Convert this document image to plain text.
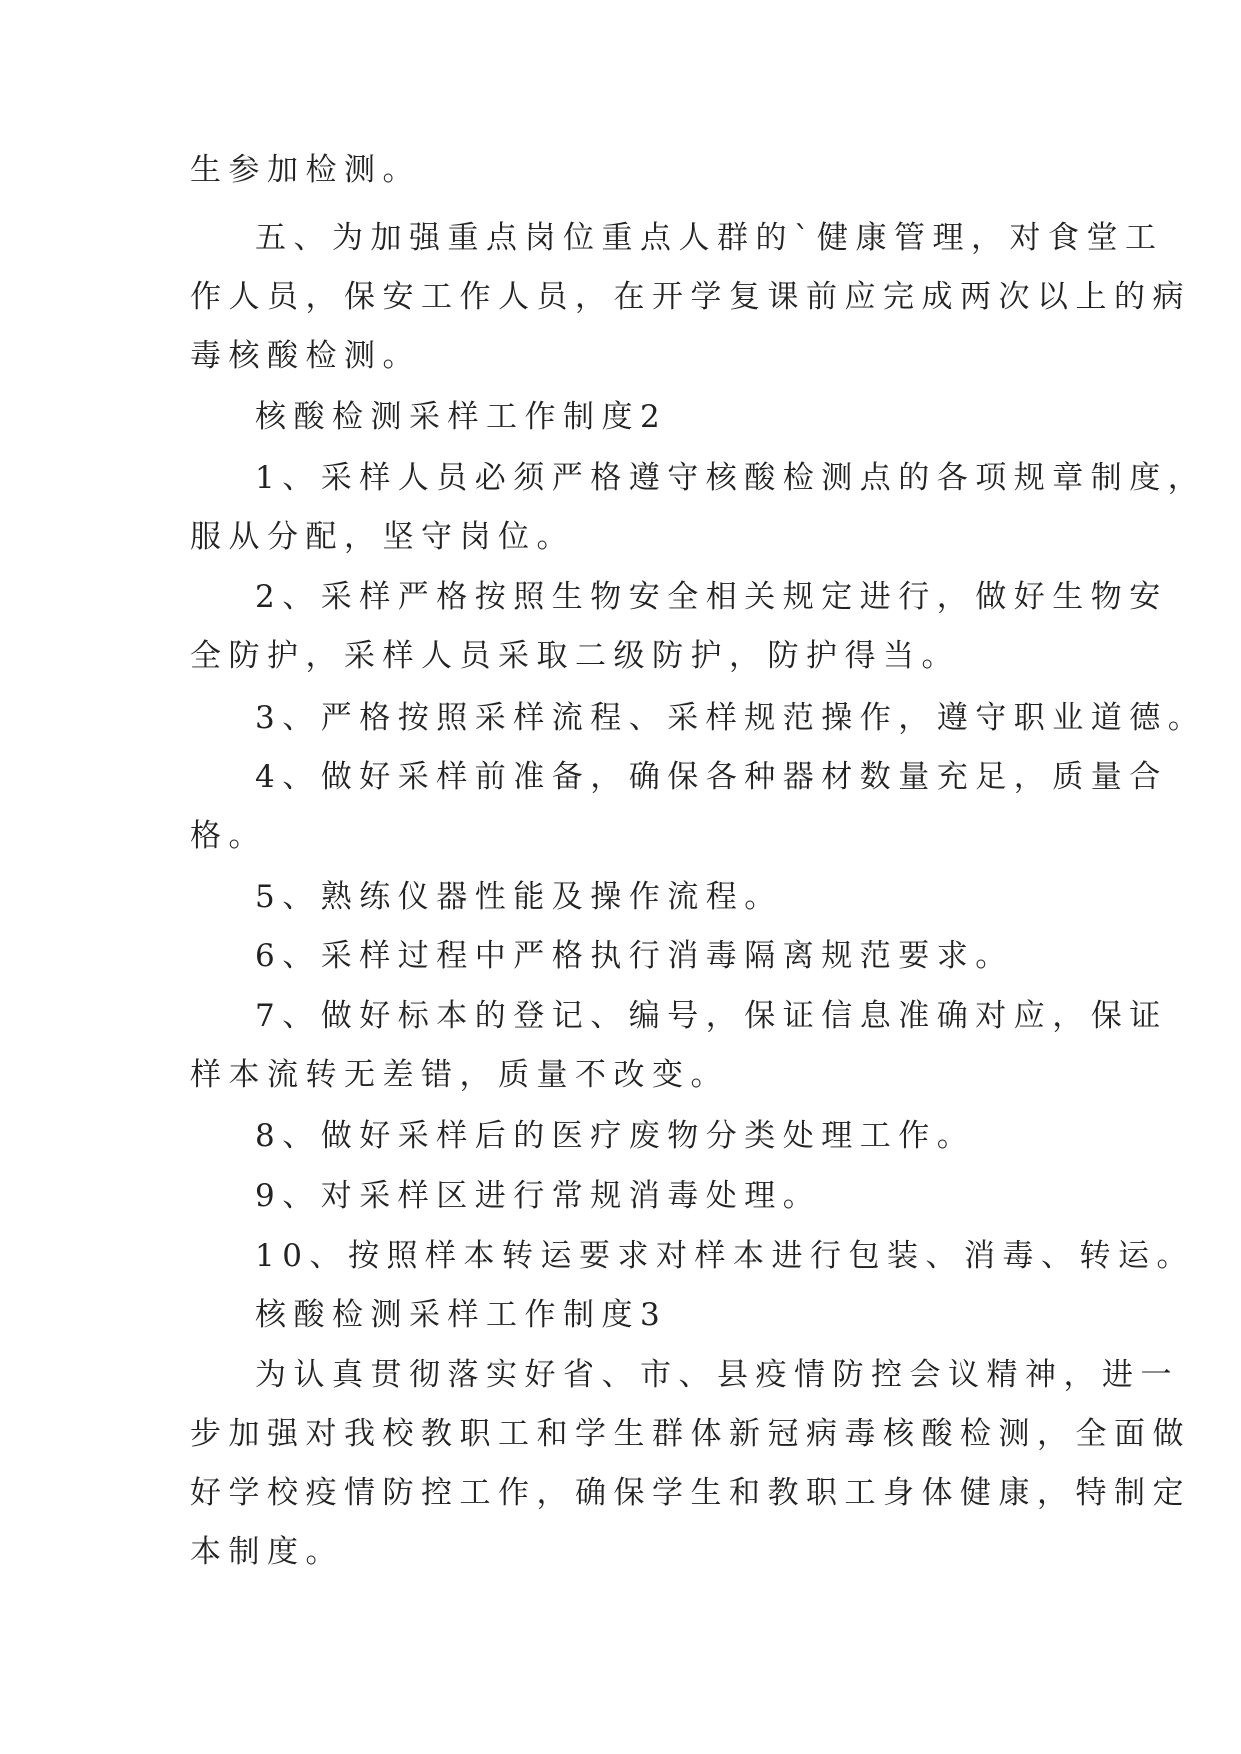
生参加检测。
五、为加强重点岗位重点人群的`健康管理，对食堂工
作人员，保安工作人员，在开学复课前应完成两次以上的病
毒核酸检测。
核酸检测采样工作制度2
1、采样人员必须严格遵守核酸检测点的各项规章制度，
服从分配，坚守岗位。
2、采样严格按照生物安全相关规定进行，做好生物安
全防护，采样人员采取二级防护，防护得当。
3、严格按照采样流程、采样规范操作，遵守职业道德。
4、做好采样前准备，确保各种器材数量充足，质量合
格。
5、熟练仪器性能及操作流程。
6、采样过程中严格执行消毒隔离规范要求。
7、做好标本的登记、编号，保证信息准确对应，保证
样本流转无差错，质量不改变。
8、做好采样后的医疗废物分类处理工作。
9、对采样区进行常规消毒处理。
10、按照样本转运要求对样本进行包装、消毒、转运。
核酸检测采样工作制度3
为认真贯彻落实好省、市、县疫情防控会议精神，进一
步加强对我校教职工和学生群体新冠病毒核酸检测，全面做
好学校疫情防控工作，确保学生和教职工身体健康，特制定
本制度。
